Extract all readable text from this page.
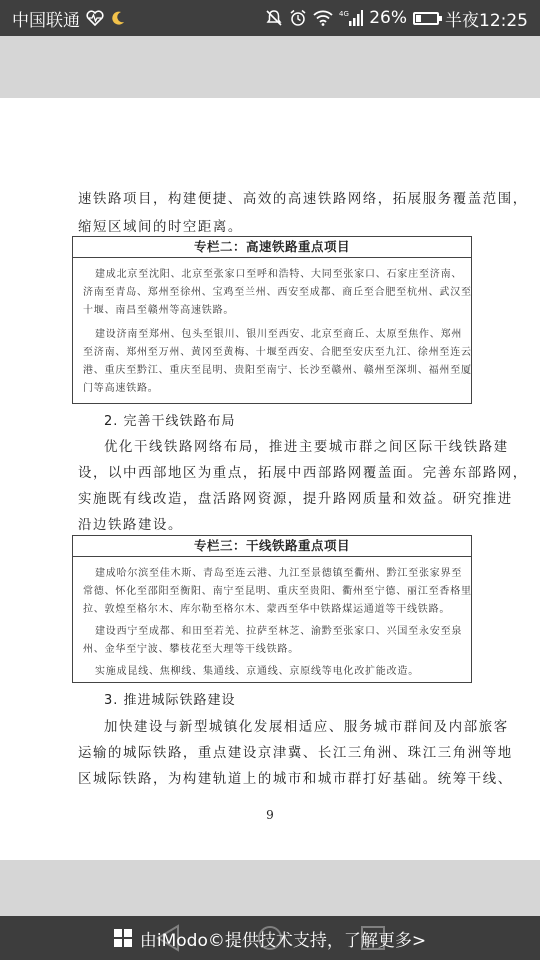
中国联通	4G 26% 半夜12:25
速铁路项目，构建便捷、高效的高速铁路网络，拓展服务覆盖范围，
缩短区域间的时空距离。
专栏二：高速铁路重点项目
建成北京至沈阳、北京至张家口至呼和浩特、大同至张家口、石家庄至济南、
济南至青岛、郑州至徐州、宝鸡至兰州、西安至成都、商丘至合肥至杭州、武汉至
十堰、南昌至赣州等高速铁路。
建设济南至郑州、包头至银川、银川至西安、北京至商丘、太原至焦作、郑州
至济南、郑州至万州、黄冈至黄梅、十堰至西安、合肥至安庆至九江、徐州至连云
港、重庆至黔江、重庆至昆明、贵阳至南宁、长沙至赣州、赣州至深圳、福州至厦
门等高速铁路。
2. 完善干线铁路布局
优化干线铁路网络布局，推进主要城市群之间区际干线铁路建
设，以中西部地区为重点，拓展中西部路网覆盖面。完善东部路网，
实施既有线改造，盘活路网资源，提升路网质量和效益。研究推进
沿边铁路建设。
专栏三：干线铁路重点项目
建成哈尔滨至佳木斯、青岛至连云港、九江至景德镇至衢州、黔江至张家界至
常德、怀化至邵阳至衡阳、南宁至昆明、重庆至贵阳、衢州至宁德、丽江至香格里
拉、敦煌至格尔木、库尔勒至格尔木、蒙西至华中铁路煤运通道等干线铁路。
建设西宁至成都、和田至若羌、拉萨至林芝、渝黔至张家口、兴国至永安至泉
州、金华至宁波、攀枝花至大理等干线铁路。
实施成昆线、焦柳线、集通线、京通线、京原线等电化改扩能改造。
3. 推进城际铁路建设
加快建设与新型城镇化发展相适应、服务城市群间及内部旅客
运输的城际铁路，重点建设京津冀、长江三角洲、珠江三角洲等地
区城际铁路，为构建轨道上的城市和城市群打好基础。统筹干线、
9
由iModo©提供技术支持，了解更多>
